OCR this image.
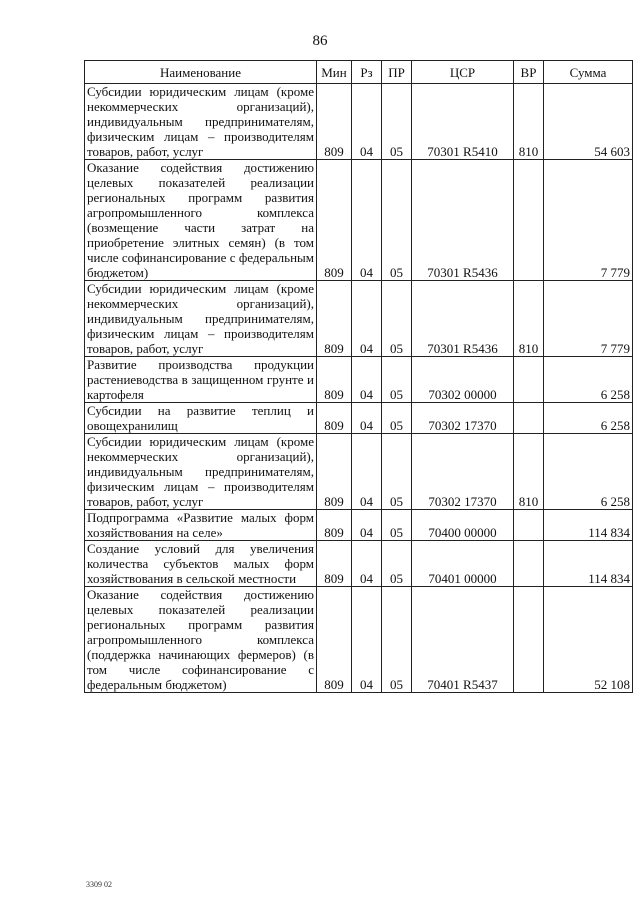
86
Наименование	Мин	Рз	ПР	ЦСР	ВР	Сумма
Субсидии юридическим лицам (кроме некоммерческих организаций), индивидуальным предпринимателям, физическим лицам – производителям товаров, работ, услуг	809	04	05	70301 R5410	810	54 603
Оказание содействия достижению целевых показателей реализации региональных программ развития агропромышленного комплекса (возмещение части затрат на приобретение элитных семян) (в том числе софинансирование с федеральным бюджетом)	809	04	05	70301 R5436		7 779
Субсидии юридическим лицам (кроме некоммерческих организаций), индивидуальным предпринимателям, физическим лицам – производителям товаров, работ, услуг	809	04	05	70301 R5436	810	7 779
Развитие производства продукции растениеводства в защищенном грунте и картофеля	809	04	05	70302 00000		6 258
Субсидии на развитие теплиц и овощехранилищ	809	04	05	70302 17370		6 258
Субсидии юридическим лицам (кроме некоммерческих организаций), индивидуальным предпринимателям, физическим лицам – производителям товаров, работ, услуг	809	04	05	70302 17370	810	6 258
Подпрограмма «Развитие малых форм хозяйствования на селе»	809	04	05	70400 00000		114 834
Создание условий для увеличения количества субъектов малых форм хозяйствования в сельской местности	809	04	05	70401 00000		114 834
Оказание содействия достижению целевых показателей реализации региональных программ развития агропромышленного комплекса (поддержка начинающих фермеров) (в том числе софинансирование с федеральным бюджетом)	809	04	05	70401 R5437		52 108
3309 02
